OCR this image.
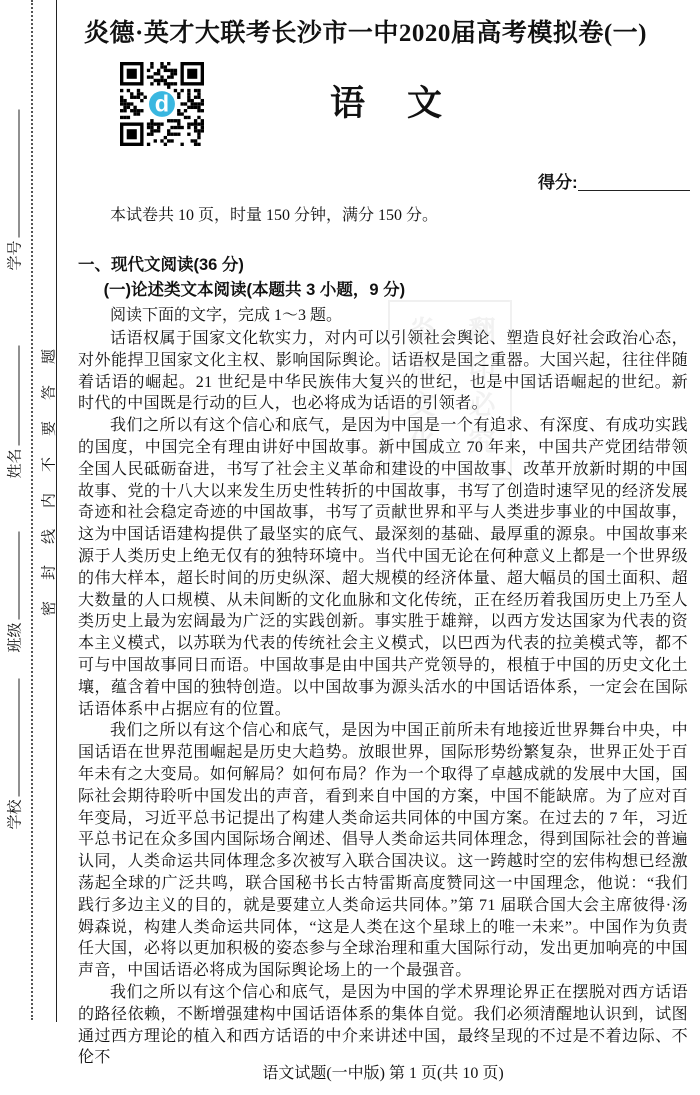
学号
姓名
班级
学校
密封线内不要答题
炎德·英才大联考长沙市一中2020届高考模拟卷(一)
d	语文
得分:
炎德文化 翻印必究

本试卷共 10 页，时量 150 分钟，满分 150 分。

一、现代文阅读(36 分)

(一)论述类文本阅读(本题共 3 小题，9 分)

阅读下面的文字，完成 1～3 题。

话语权属于国家文化软实力，对内可以引领社会舆论、塑造良好社会政治心态，对外能捍卫国家文化主权、影响国际舆论。话语权是国之重器。大国兴起，往往伴随着话语的崛起。21 世纪是中华民族伟大复兴的世纪，也是中国话语崛起的世纪。新时代的中国既是行动的巨人，也必将成为话语的引领者。

我们之所以有这个信心和底气，是因为中国是一个有追求、有深度、有成功实践的国度，中国完全有理由讲好中国故事。新中国成立 70 年来，中国共产党团结带领全国人民砥砺奋进，书写了社会主义革命和建设的中国故事、改革开放新时期的中国故事、党的十八大以来发生历史性转折的中国故事，书写了创造时速罕见的经济发展奇迹和社会稳定奇迹的中国故事，书写了贡献世界和平与人类进步事业的中国故事，这为中国话语建构提供了最坚实的底气、最深刻的基础、最厚重的源泉。中国故事来源于人类历史上绝无仅有的独特环境中。当代中国无论在何种意义上都是一个世界级的伟大样本，超长时间的历史纵深、超大规模的经济体量、超大幅员的国土面积、超大数量的人口规模、从未间断的文化血脉和文化传统，正在经历着我国历史上乃至人类历史上最为宏阔最为广泛的实践创新。事实胜于雄辩，以西方发达国家为代表的资本主义模式，以苏联为代表的传统社会主义模式，以巴西为代表的拉美模式等，都不可与中国故事同日而语。中国故事是由中国共产党领导的，根植于中国的历史文化土壤，蕴含着中国的独特创造。以中国故事为源头活水的中国话语体系，一定会在国际话语体系中占据应有的位置。

我们之所以有这个信心和底气，是因为中国正前所未有地接近世界舞台中央，中国话语在世界范围崛起是历史大趋势。放眼世界，国际形势纷繁复杂，世界正处于百年未有之大变局。如何解局？如何布局？作为一个取得了卓越成就的发展中大国，国际社会期待聆听中国发出的声音，看到来自中国的方案，中国不能缺席。为了应对百年变局，习近平总书记提出了构建人类命运共同体的中国方案。在过去的 7 年，习近平总书记在众多国内国际场合阐述、倡导人类命运共同体理念，得到国际社会的普遍认同，人类命运共同体理念多次被写入联合国决议。这一跨越时空的宏伟构想已经激荡起全球的广泛共鸣，联合国秘书长古特雷斯高度赞同这一中国理念，他说：“我们践行多边主义的目的，就是要建立人类命运共同体。”第 71 届联合国大会主席彼得·汤姆森说，构建人类命运共同体，“这是人类在这个星球上的唯一未来”。中国作为负责任大国，必将以更加积极的姿态参与全球治理和重大国际行动，发出更加响亮的中国声音，中国话语必将成为国际舆论场上的一个最强音。

我们之所以有这个信心和底气，是因为中国的学术界理论界正在摆脱对西方话语的路径依赖，不断增强建构中国话语体系的集体自觉。我们必须清醒地认识到，试图通过西方理论的植入和西方话语的中介来讲述中国，最终呈现的不过是不着边际、不伦不

语文试题(一中版) 第 1 页(共 10 页)
